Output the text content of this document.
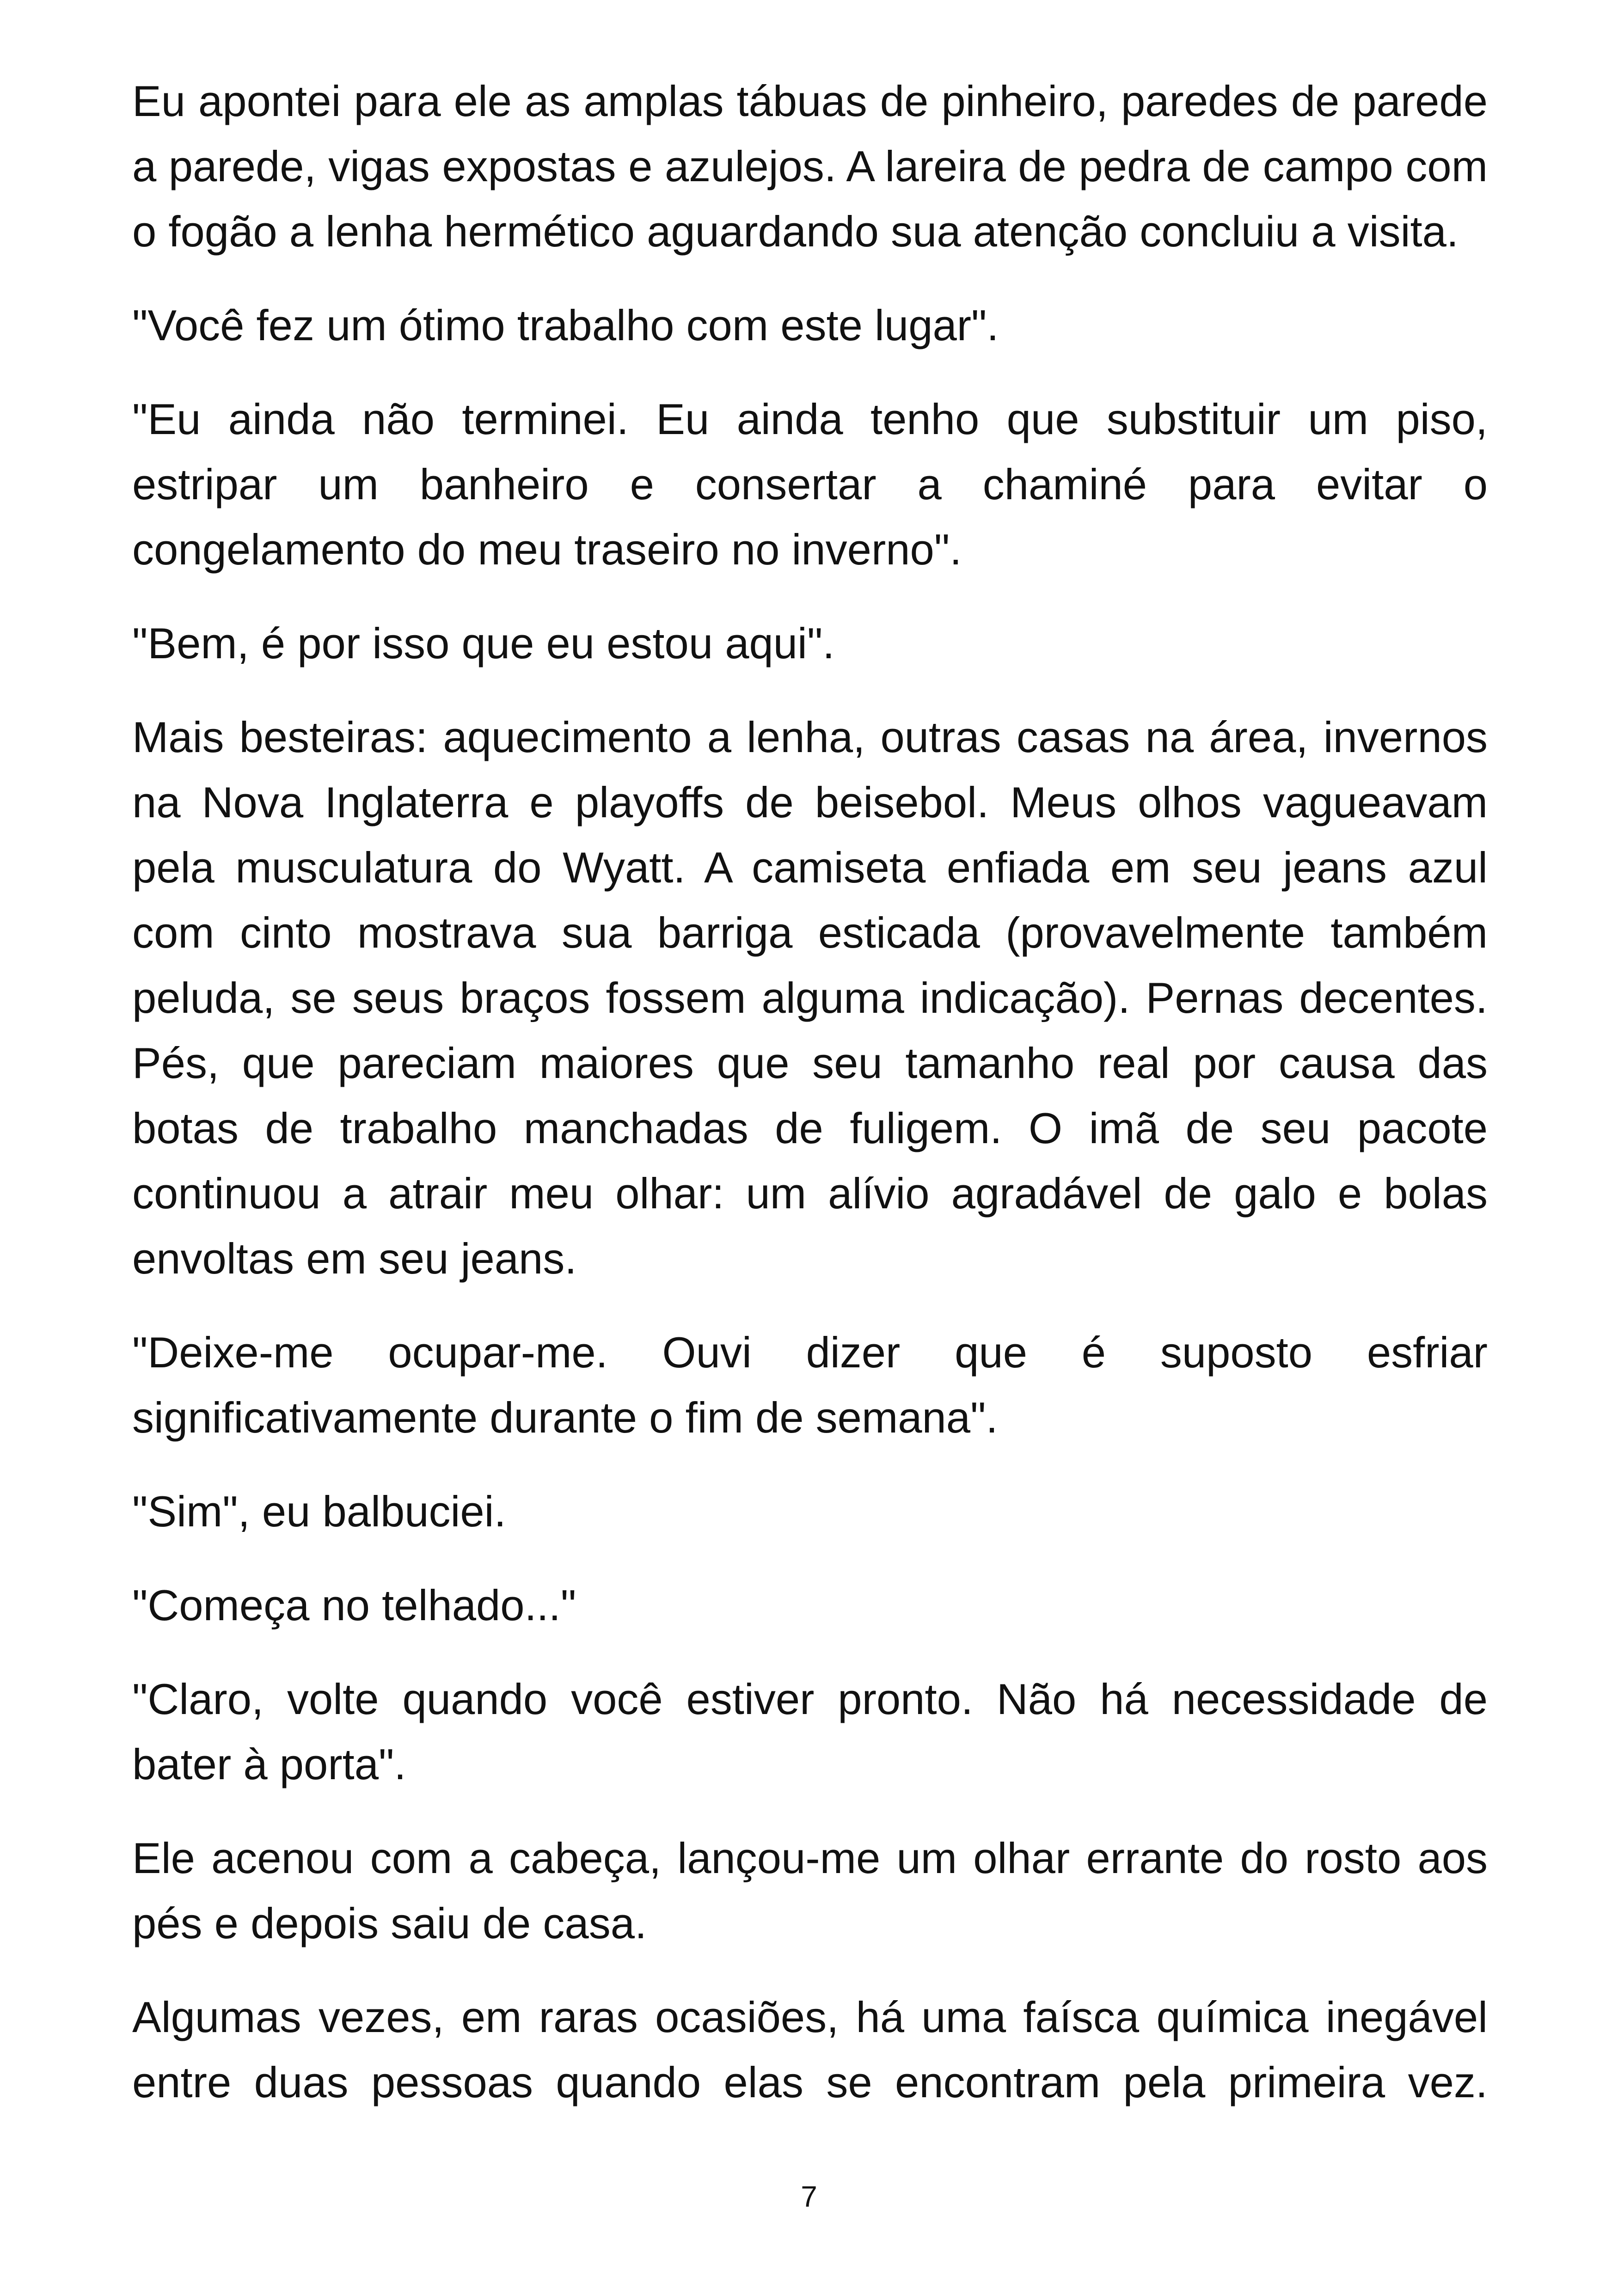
Eu apontei para ele as amplas tábuas de pinheiro, paredes de parede a parede, vigas expostas e azulejos. A lareira de pedra de campo com o fogão a lenha hermético aguardando sua atenção concluiu a visita.

"Você fez um ótimo trabalho com este lugar".

"Eu ainda não terminei. Eu ainda tenho que substituir um piso, estripar um banheiro e consertar a chaminé para evitar o congelamento do meu traseiro no inverno".

"Bem, é por isso que eu estou aqui".

Mais besteiras: aquecimento a lenha, outras casas na área, invernos na Nova Inglaterra e playoffs de beisebol. Meus olhos vagueavam pela musculatura do Wyatt. A camiseta enfiada em seu jeans azul com cinto mostrava sua barriga esticada (provavelmente também peluda, se seus braços fossem alguma indicação). Pernas decentes. Pés, que pareciam maiores que seu tamanho real por causa das botas de trabalho manchadas de fuligem. O imã de seu pacote continuou a atrair meu olhar: um alívio agradável de galo e bolas envoltas em seu jeans.

"Deixe-me ocupar-me. Ouvi dizer que é suposto esfriar significativamente durante o fim de semana".

"Sim", eu balbuciei.

"Começa no telhado..."

"Claro, volte quando você estiver pronto. Não há necessidade de bater à porta".

Ele acenou com a cabeça, lançou-me um olhar errante do rosto aos pés e depois saiu de casa.

Algumas vezes, em raras ocasiões, há uma faísca química inegável entre duas pessoas quando elas se encontram pela primeira vez.

7
